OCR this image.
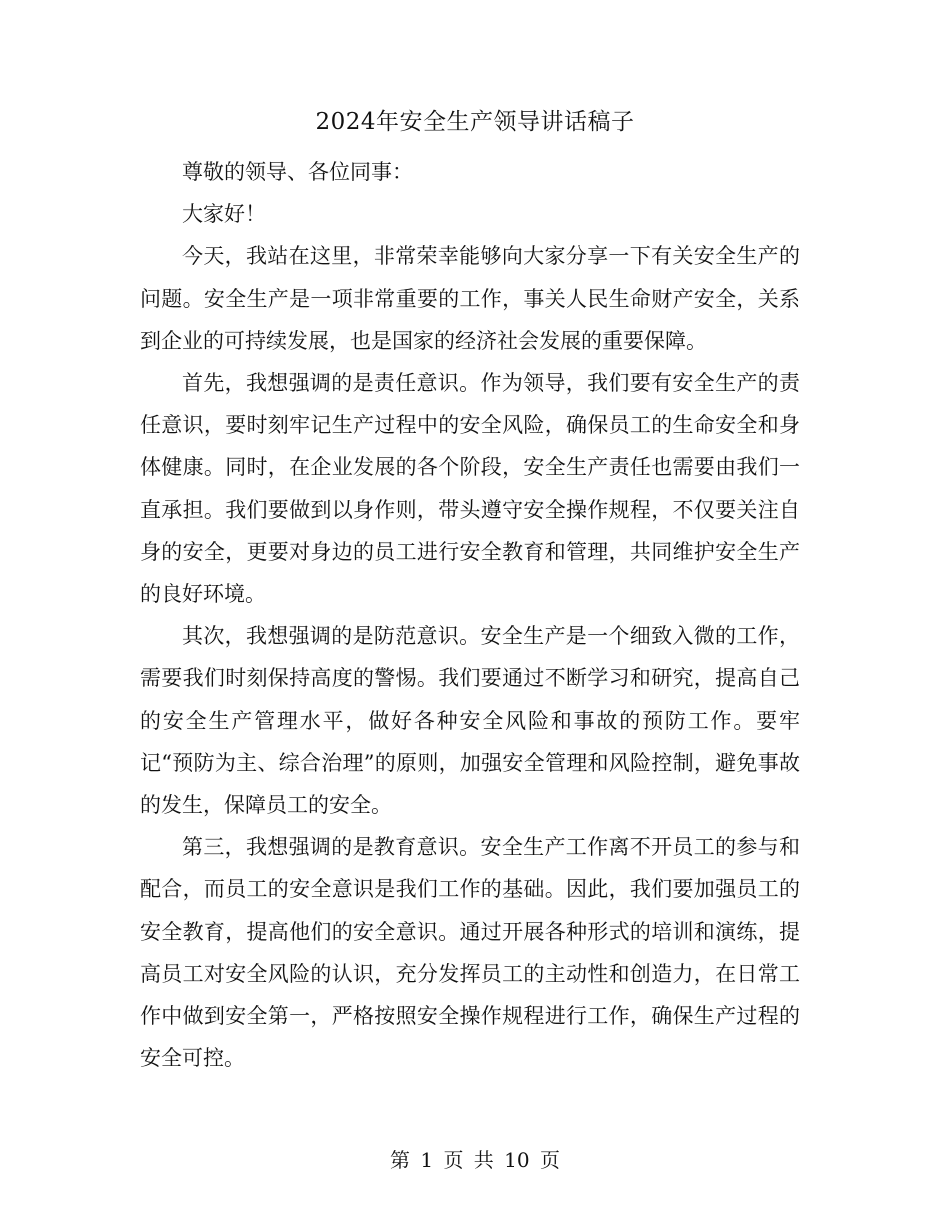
2024年安全生产领导讲话稿子

尊敬的领导、各位同事：

大家好！

今天，我站在这里，非常荣幸能够向大家分享一下有关安全生产的问题。安全生产是一项非常重要的工作，事关人民生命财产安全，关系到企业的可持续发展，也是国家的经济社会发展的重要保障。

首先，我想强调的是责任意识。作为领导，我们要有安全生产的责任意识，要时刻牢记生产过程中的安全风险，确保员工的生命安全和身体健康。同时，在企业发展的各个阶段，安全生产责任也需要由我们一直承担。我们要做到以身作则，带头遵守安全操作规程，不仅要关注自身的安全，更要对身边的员工进行安全教育和管理，共同维护安全生产的良好环境。

其次，我想强调的是防范意识。安全生产是一个细致入微的工作，需要我们时刻保持高度的警惕。我们要通过不断学习和研究，提高自己的安全生产管理水平，做好各种安全风险和事故的预防工作。要牢记“预防为主、综合治理”的原则，加强安全管理和风险控制，避免事故的发生，保障员工的安全。

第三，我想强调的是教育意识。安全生产工作离不开员工的参与和配合，而员工的安全意识是我们工作的基础。因此，我们要加强员工的安全教育，提高他们的安全意识。通过开展各种形式的培训和演练，提高员工对安全风险的认识，充分发挥员工的主动性和创造力，在日常工作中做到安全第一，严格按照安全操作规程进行工作，确保生产过程的安全可控。

第 1 页 共 10 页
